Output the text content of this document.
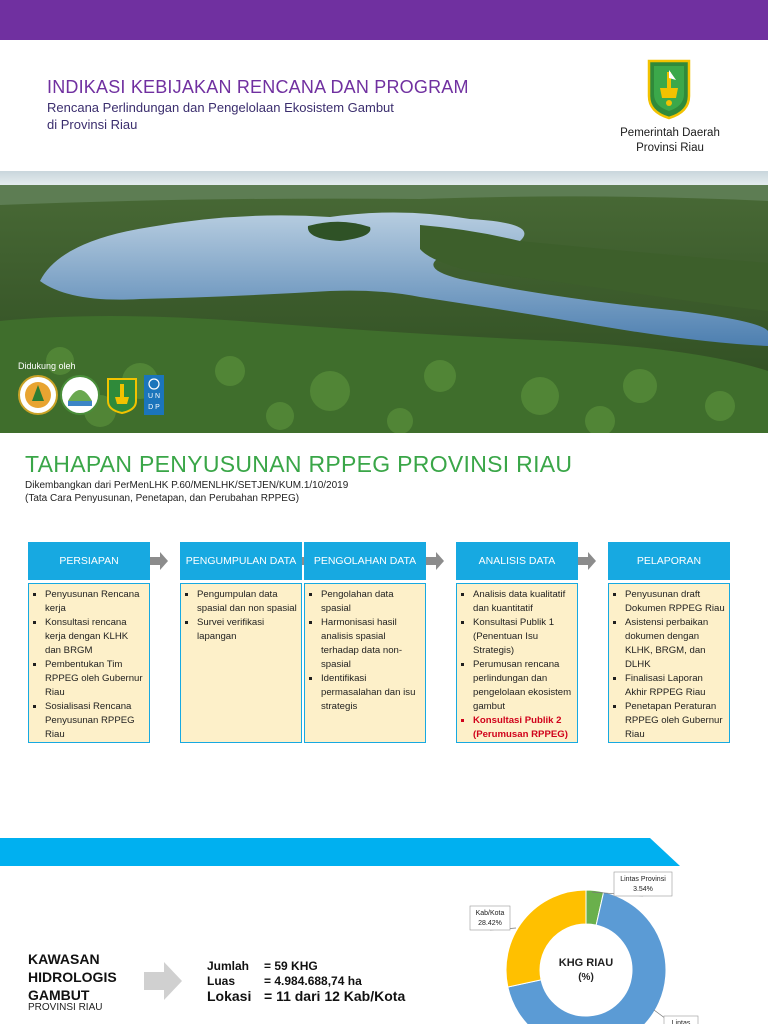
INDIKASI KEBIJAKAN RENCANA DAN PROGRAM
Rencana Perlindungan dan Pengelolaan Ekosistem Gambut
di Provinsi Riau
Pemerintah Daerah
Provinsi Riau
Didukung oleh
U N
D P
TAHAPAN PENYUSUNAN RPPEG PROVINSI RIAU
Dikembangkan dari PerMenLHK P.60/MENLHK/SETJEN/KUM.1/10/2019
(Tata Cara Penyusunan, Penetapan, dan Perubahan RPPEG)
PERSIAPAN
▪ Penyusunan Rencana kerja
▪ Konsultasi rencana kerja dengan KLHK dan BRGM
▪ Pembentukan Tim RPPEG oleh Gubernur Riau
▪ Sosialisasi Rencana Penyusunan RPPEG Riau
PENGUMPULAN DATA
▪ Pengumpulan data spasial dan non spasial
▪ Survei verifikasi lapangan
PENGOLAHAN DATA
▪ Pengolahan data spasial
▪ Harmonisasi hasil analisis spasial terhadap data non-spasial
▪ Identifikasi permasalahan dan isu strategis
ANALISIS DATA
▪ Analisis data kualitatif dan kuantitatif
▪ Konsultasi Publik 1 (Penentuan Isu Strategis)
▪ Perumusan rencana perlindungan dan pengelolaan ekosistem gambut
▪ Konsultasi Publik 2 (Perumusan RPPEG)
PELAPORAN
▪ Penyusunan draft Dokumen RPPEG Riau
▪ Asistensi perbaikan dokumen dengan KLHK, BRGM, dan DLHK
▪ Finalisasi Laporan Akhir RPPEG Riau
▪ Penetapan Peraturan RPPEG oleh Gubernur Riau
KAWASAN
HIDROLOGIS
GAMBUT
PROVINSI RIAU
Jumlah	= 59 KHG
Luas	= 4.984.688,74 ha
Lokasi = 11 dari 12 Kab/Kota
KHG RIAU
(%)
Lintas Provinsi
3.54%
Kab/Kota
28.42%
Lintas
